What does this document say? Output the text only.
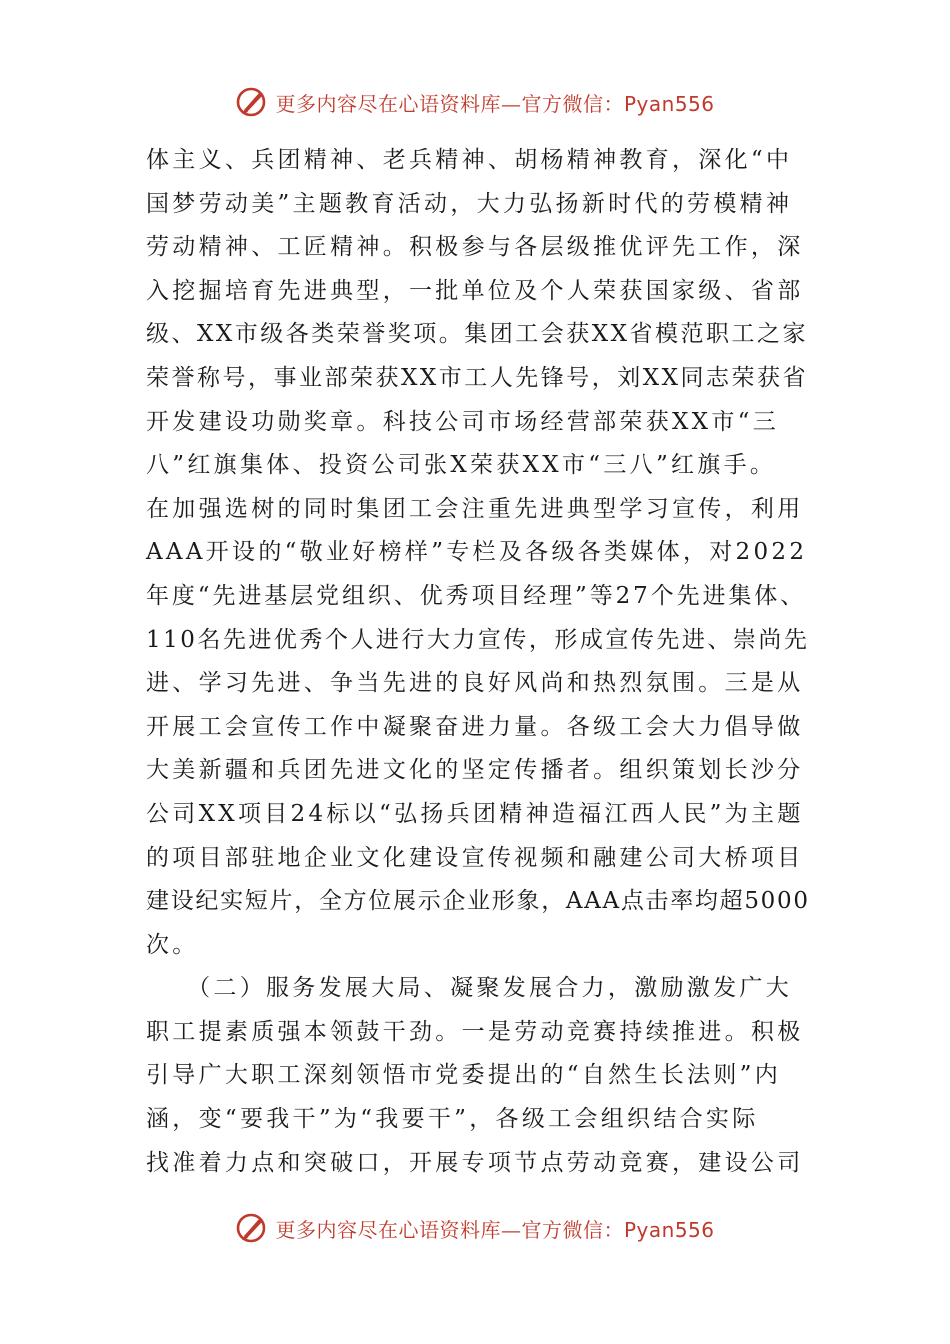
更多内容尽在心语资料库—官方微信：Pyan556
体主义、兵团精神、老兵精神、胡杨精神教育，深化“中
国梦劳动美”主题教育活动，大力弘扬新时代的劳模精神
劳动精神、工匠精神。积极参与各层级推优评先工作，深
入挖掘培育先进典型，一批单位及个人荣获国家级、省部
级、XX市级各类荣誉奖项。集团工会获XX省模范职工之家
荣誉称号，事业部荣获XX市工人先锋号，刘XX同志荣获省
开发建设功勋奖章。科技公司市场经营部荣获XX市“三
八”红旗集体、投资公司张X荣获XX市“三八”红旗手。
在加强选树的同时集团工会注重先进典型学习宣传，利用
AAA开设的“敬业好榜样”专栏及各级各类媒体，对2022
年度“先进基层党组织、优秀项目经理”等27个先进集体、
110名先进优秀个人进行大力宣传，形成宣传先进、崇尚先
进、学习先进、争当先进的良好风尚和热烈氛围。三是从
开展工会宣传工作中凝聚奋进力量。各级工会大力倡导做
大美新疆和兵团先进文化的坚定传播者。组织策划长沙分
公司XX项目24标以“弘扬兵团精神造福江西人民”为主题
的项目部驻地企业文化建设宣传视频和融建公司大桥项目
建设纪实短片，全方位展示企业形象，AAA点击率均超5000
次。
　　（二）服务发展大局、凝聚发展合力，激励激发广大
职工提素质强本领鼓干劲。一是劳动竞赛持续推进。积极
引导广大职工深刻领悟市党委提出的“自然生长法则”内
涵，变“要我干”为“我要干”，各级工会组织结合实际
找准着力点和突破口，开展专项节点劳动竞赛，建设公司
更多内容尽在心语资料库—官方微信：Pyan556
